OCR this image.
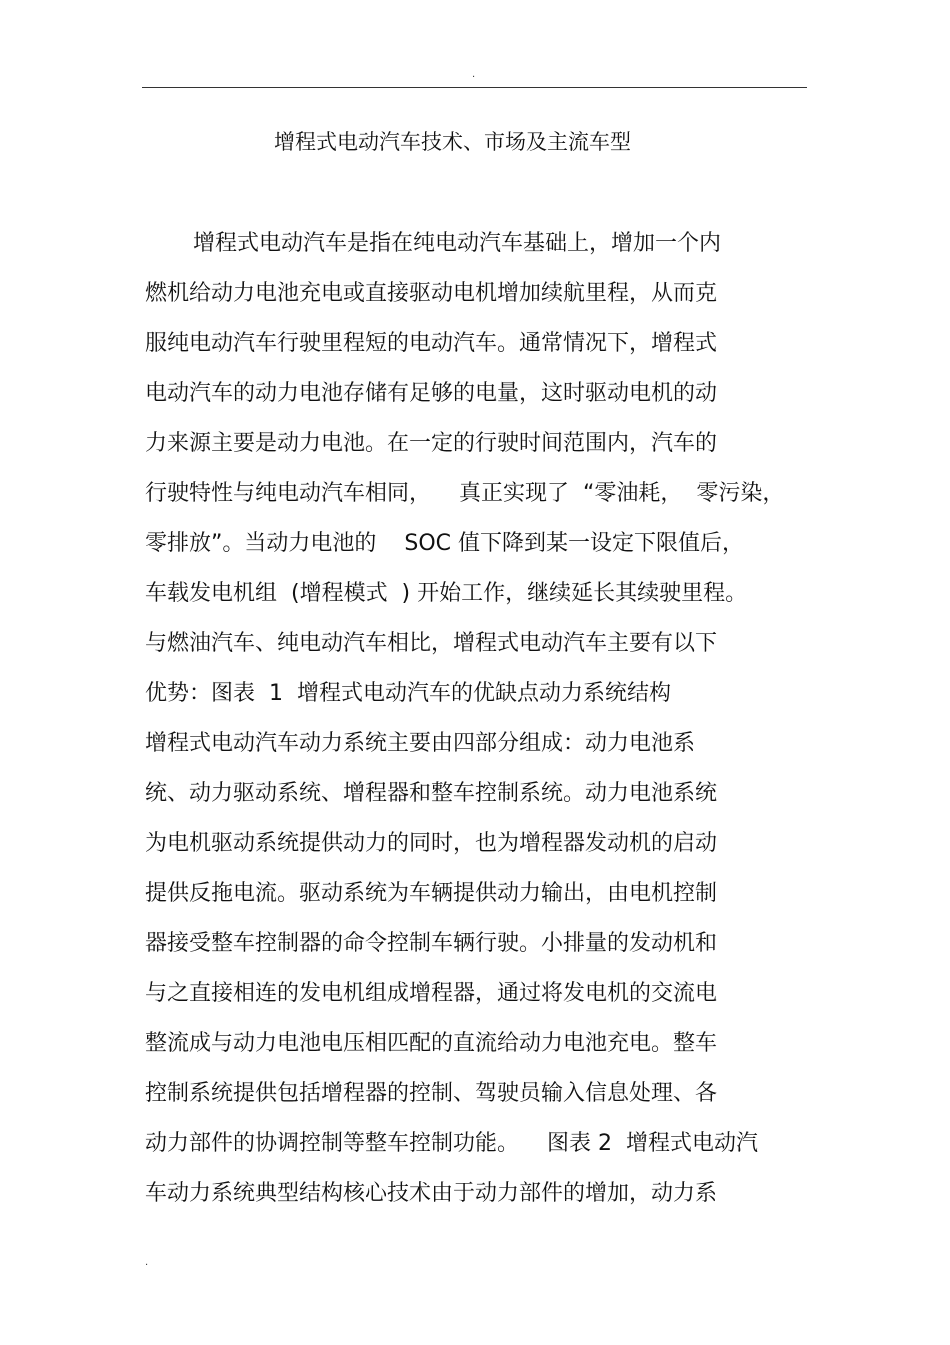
.
增程式电动汽车技术、市场及主流车型
增程式电动汽车是指在纯电动汽车基础上，增加一个内
燃机给动力电池充电或直接驱动电机增加续航里程，从而克
服纯电动汽车行驶里程短的电动汽车。通常情况下，增程式
电动汽车的动力电池存储有足够的电量，这时驱动电机的动
力来源主要是动力电池。在一定的行驶时间范围内，汽车的
行驶特性与纯电动汽车相同，    真正实现了  “零油耗，  零污染，
零排放”。当动力电池的    SOC 值下降到某一设定下限值后，
车载发电机组  (增程模式  ) 开始工作，继续延长其续驶里程。
与燃油汽车、纯电动汽车相比，增程式电动汽车主要有以下
优势：图表  1  增程式电动汽车的优缺点动力系统结构
增程式电动汽车动力系统主要由四部分组成：动力电池系
统、动力驱动系统、增程器和整车控制系统。动力电池系统
为电机驱动系统提供动力的同时，也为增程器发动机的启动
提供反拖电流。驱动系统为车辆提供动力输出，由电机控制
器接受整车控制器的命令控制车辆行驶。小排量的发动机和
与之直接相连的发电机组成增程器，通过将发电机的交流电
整流成与动力电池电压相匹配的直流给动力电池充电。整车
控制系统提供包括增程器的控制、驾驶员输入信息处理、各
动力部件的协调控制等整车控制功能。    图表 2  增程式电动汽
车动力系统典型结构核心技术由于动力部件的增加，动力系
.
